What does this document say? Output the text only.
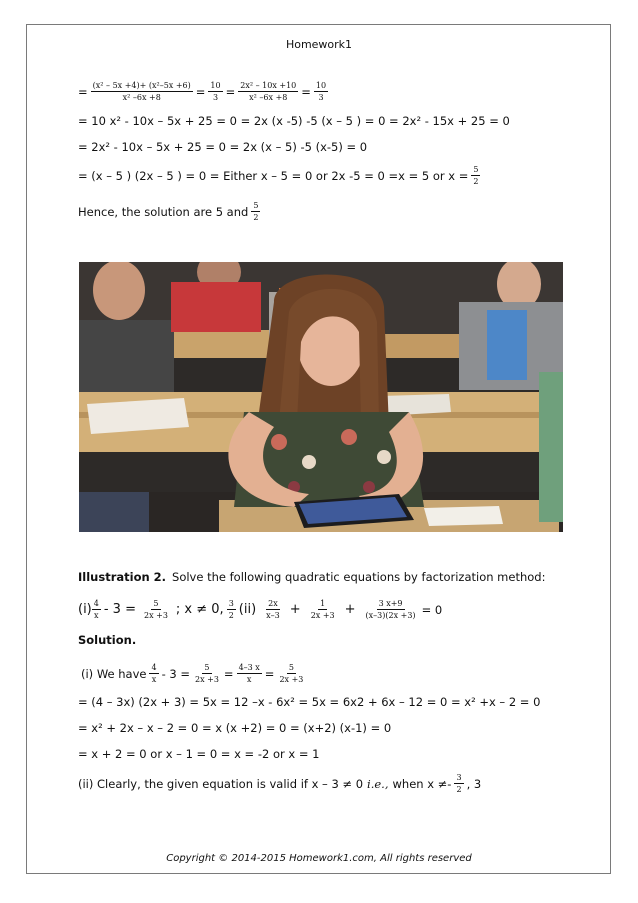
Homework1
= $\frac{\text{(x² – 5x +4)+ (x²–5x +6)}}{\text{x² –6x +8}} = \frac{10}{3} = \frac{\text{2x² – 10x +10}}{\text{x² –6x +8}} = \frac{10}{3}$
= 10 x² - 10x – 5x + 25 = 0 = 2x (x -5) -5 (x – 5 ) = 0 = 2x² - 15x + 25 = 0
= 2x² - 10x – 5x + 25 = 0 = 2x (x – 5) -5 (x-5) = 0
= (x – 5 ) (2x – 5 ) = 0 = Either x – 5 = 0 or 2x -5 = 0 =x = 5 or $x = \frac{5}{2}$
Hence, the solution are 5 and $\frac{5}{2}$
Illustration 2. Solve the following quadratic equations by factorization method:
$(i) \frac{4}{x} - 3 = \frac{5}{2x +3}$ ; x ≠ 0, $\frac{3}{2} (ii) \frac{2x}{x-3} + \frac{1}{2x +3} + \frac{3 x+9}{(x-3)(2x +3)} = 0$
Solution.
(i) We have $\frac{4}{x} - 3 = \frac{5}{2x +3} = \frac{4-3 x}{x} = \frac{5}{2x +3}$
= (4 – 3x) (2x + 3) = 5x = 12 –x - 6x² = 5x = 6x2 + 6x – 12 = 0 = x² +x – 2 = 0
= x² + 2x – x – 2 = 0 = x (x +2) = 0 = (x+2) (x-1) = 0
= x + 2 = 0 or x – 1 = 0 = x = -2 or x = 1
(ii) Clearly, the given equation is valid if x – 3 ≠ 0 i.e., when $x \ne- \frac{3}{2}$ , 3
Copyright © 2014-2015 Homework1.com, All rights reserved
